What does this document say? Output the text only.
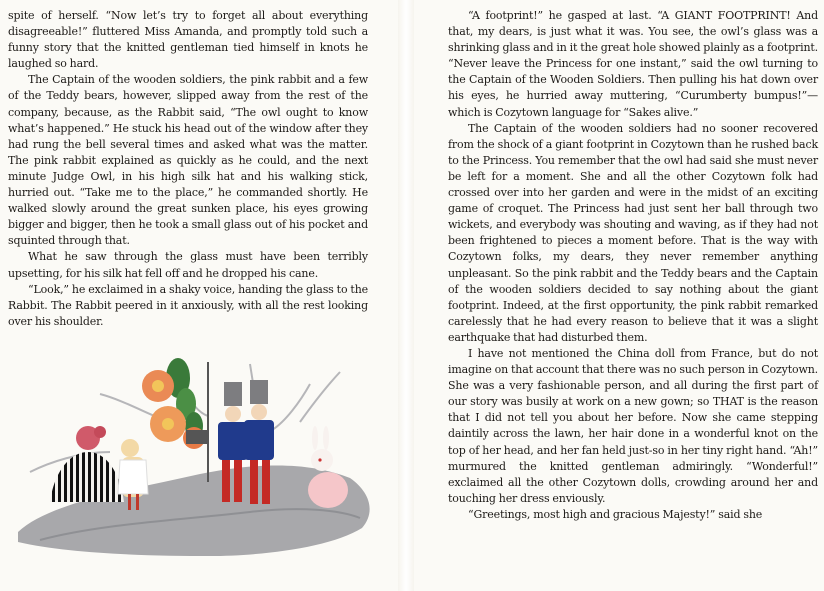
spite of herself. “Now let’s try to forget all about everything disagreeable!” fluttered Miss Amanda, and promptly told such a funny story that the knitted gentleman tied himself in knots he laughed so hard.

The Captain of the wooden soldiers, the pink rabbit and a few of the Teddy bears, however, slipped away from the rest of the company, because, as the Rabbit said, “The owl ought to know what’s happened.” He stuck his head out of the window after they had rung the bell several times and asked what was the matter. The pink rabbit explained as quickly as he could, and the next minute Judge Owl, in his high silk hat and his walking stick, hurried out. “Take me to the place,” he commanded shortly. He walked slowly around the great sunken place, his eyes growing bigger and bigger, then he took a small glass out of his pocket and squinted through that.

What he saw through the glass must have been terribly upsetting, for his silk hat fell off and he dropped his cane.

“Look,” he exclaimed in a shaky voice, handing the glass to the Rabbit. The Rabbit peered in it anxiously, with all the rest looking over his shoulder.

“A footprint!” he gasped at last. “A GIANT FOOTPRINT! And that, my dears, is just what it was. You see, the owl’s glass was a shrinking glass and in it the great hole showed plainly as a footprint. “Never leave the Princess for one instant,” said the owl turning to the Captain of the Wooden Soldiers. Then pulling his hat down over his eyes, he hurried away muttering, “Curumberty bumpus!”—which is Cozytown language for “Sakes alive.”

The Captain of the wooden soldiers had no sooner recovered from the shock of a giant footprint in Cozytown than he rushed back to the Princess. You remember that the owl had said she must never be left for a moment. She and all the other Cozytown folk had crossed over into her garden and were in the midst of an exciting game of croquet. The Princess had just sent her ball through two wickets, and everybody was shouting and waving, as if they had not been frightened to pieces a moment before. That is the way with Cozytown folks, my dears, they never remember anything unpleasant. So the pink rabbit and the Teddy bears and the Captain of the wooden soldiers decided to say nothing about the giant footprint. Indeed, at the first opportunity, the pink rabbit remarked carelessly that he had every reason to believe that it was a slight earthquake that had disturbed them.

I have not mentioned the China doll from France, but do not imagine on that account that there was no such person in Cozytown. She was a very fashionable person, and all during the first part of our story was busily at work on a new gown; so THAT is the reason that I did not tell you about her before. Now she came stepping daintily across the lawn, her hair done in a wonderful knot on the top of her head, and her fan held just-so in her tiny right hand. “Ah!” murmured the knitted gentleman admiringly. “Wonderful!” exclaimed all the other Cozytown dolls, crowding around her and touching her dress enviously.

“Greetings, most high and gracious Majesty!” said she
